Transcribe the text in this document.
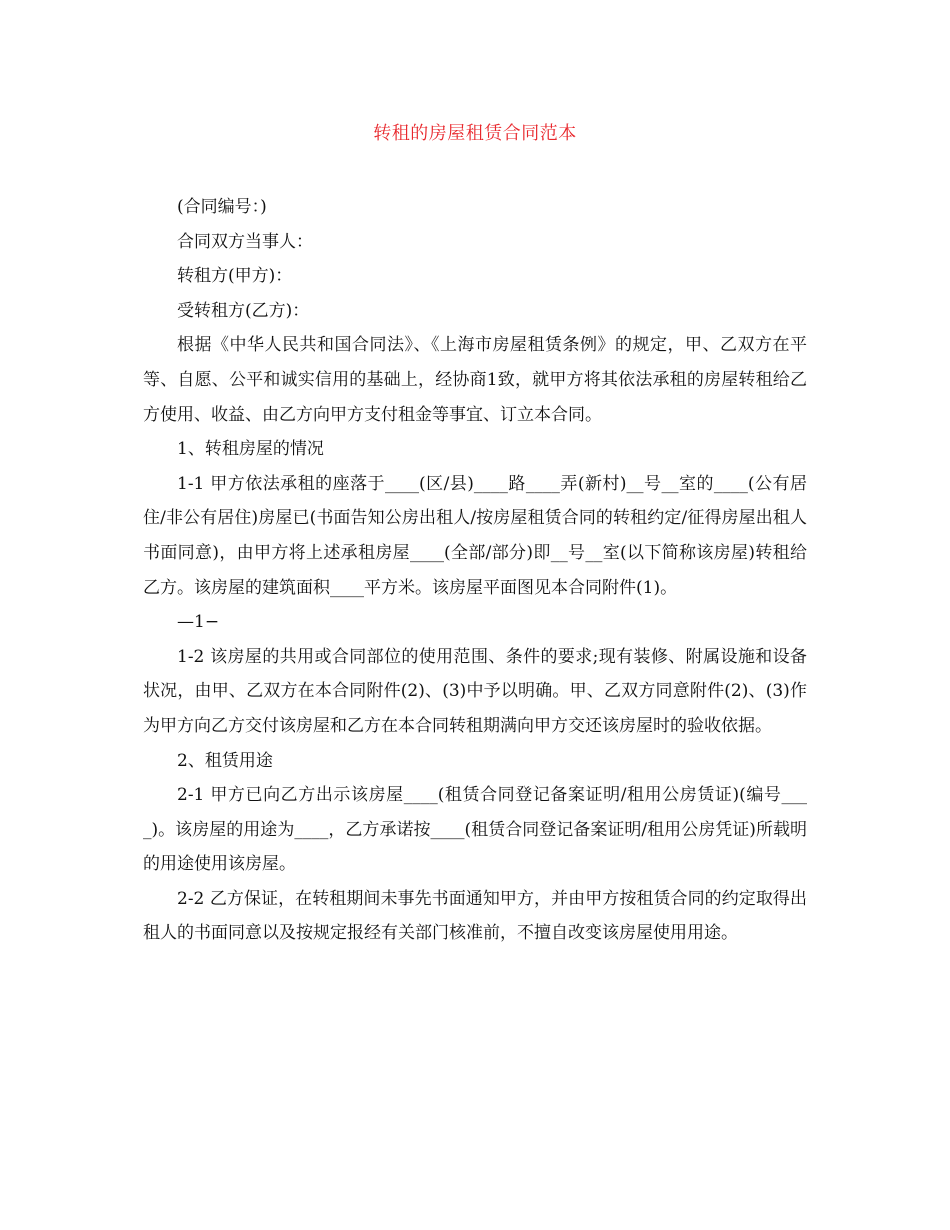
转租的房屋租赁合同范本

(合同编号：)

合同双方当事人：

转租方(甲方)：

受转租方(乙方)：

根据《中华人民共和国合同法》、《上海市房屋租赁条例》的规定，甲、乙双方在平等、自愿、公平和诚实信用的基础上，经协商1致，就甲方将其依法承租的房屋转租给乙方使用、收益、由乙方向甲方支付租金等事宜、订立本合同。

1、转租房屋的情况

1-1 甲方依法承租的座落于____(区/县)____路____弄(新村)__号__室的____(公有居住/非公有居住)房屋已(书面告知公房出租人/按房屋租赁合同的转租约定/征得房屋出租人书面同意)，由甲方将上述承租房屋____(全部/部分)即__号__室(以下简称该房屋)转租给乙方。该房屋的建筑面积____平方米。该房屋平面图见本合同附件(1)。

—1−

1-2 该房屋的共用或合同部位的使用范围、条件的要求;现有装修、附属设施和设备状况，由甲、乙双方在本合同附件(2)、(3)中予以明确。甲、乙双方同意附件(2)、(3)作为甲方向乙方交付该房屋和乙方在本合同转租期满向甲方交还该房屋时的验收依据。

2、租赁用途

2-1 甲方已向乙方出示该房屋____(租赁合同登记备案证明/租用公房赁证)(编号____)。该房屋的用途为____，乙方承诺按____(租赁合同登记备案证明/租用公房凭证)所载明的用途使用该房屋。

2-2 乙方保证，在转租期间未事先书面通知甲方，并由甲方按租赁合同的约定取得出租人的书面同意以及按规定报经有关部门核准前，不擅自改变该房屋使用用途。
